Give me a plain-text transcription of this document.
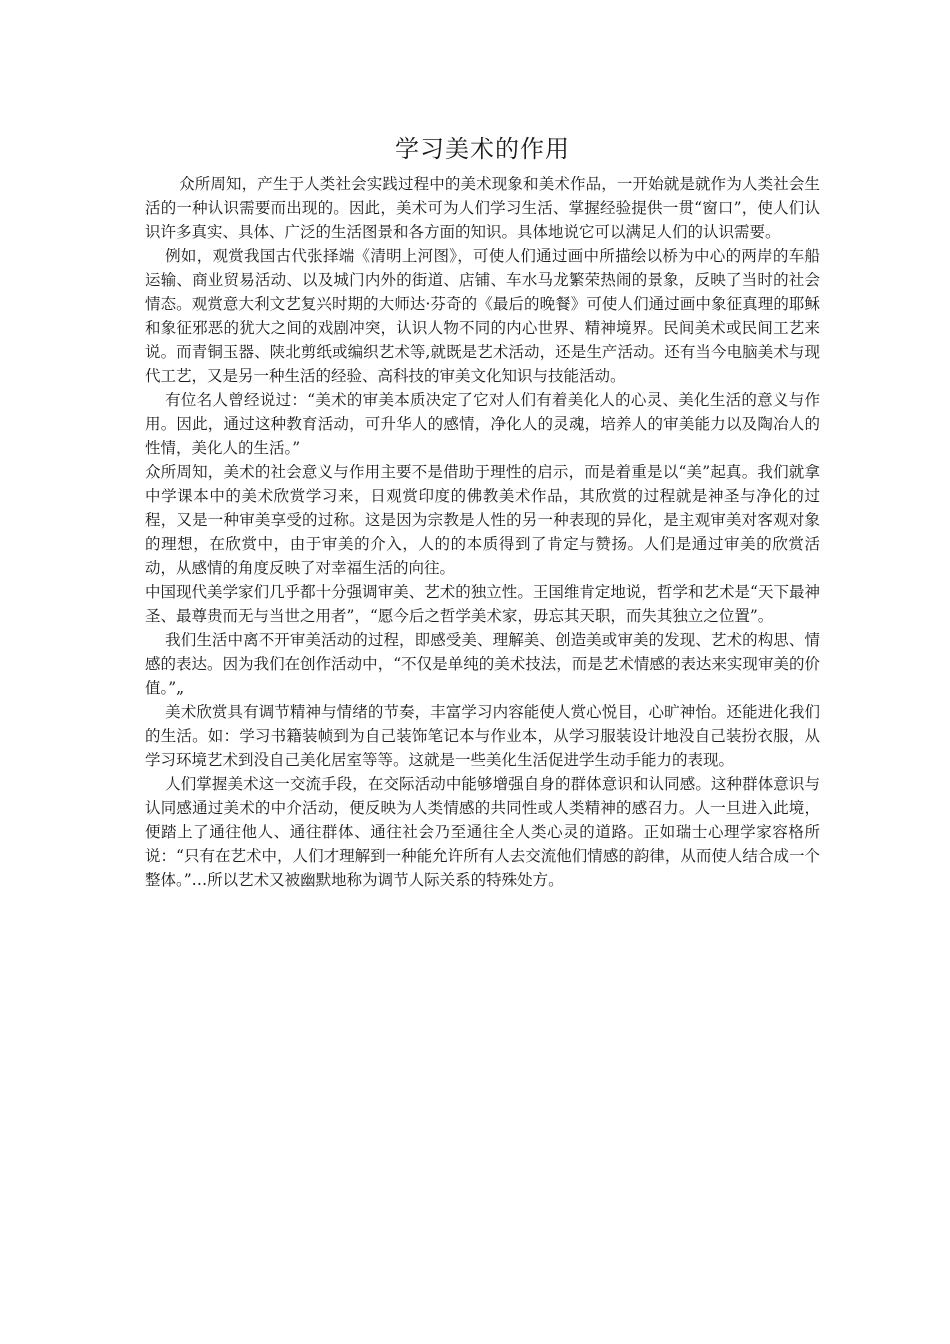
学习美术的作用

众所周知，产生于人类社会实践过程中的美术现象和美术作品，一开始就是就作为人类社会生活的一种认识需要而出现的。因此，美术可为人们学习生活、掌握经验提供一贯“窗口”，使人们认识许多真实、具体、广泛的生活图景和各方面的知识。具体地说它可以满足人们的认识需要。

例如，观赏我国古代张择端《清明上河图》，可使人们通过画中所描绘以桥为中心的两岸的车船运输、商业贸易活动、以及城门内外的街道、店铺、车水马龙繁荣热闹的景象，反映了当时的社会情态。观赏意大利文艺复兴时期的大师达·芬奇的《最后的晚餐》可使人们通过画中象征真理的耶稣和象征邪恶的犹大之间的戏剧冲突，认识人物不同的内心世界、精神境界。民间美术或民间工艺来说。而青铜玉器、陕北剪纸或编织艺术等,就既是艺术活动，还是生产活动。还有当今电脑美术与现代工艺，又是另一种生活的经验、高科技的审美文化知识与技能活动。

有位名人曾经说过：“美术的审美本质决定了它对人们有着美化人的心灵、美化生活的意义与作用。因此，通过这种教育活动，可升华人的感情，净化人的灵魂，培养人的审美能力以及陶冶人的性情，美化人的生活。”

众所周知，美术的社会意义与作用主要不是借助于理性的启示，而是着重是以“美”起真。我们就拿中学课本中的美术欣赏学习来，日观赏印度的佛教美术作品，其欣赏的过程就是神圣与净化的过程，又是一种审美享受的过称。这是因为宗教是人性的另一种表现的异化，是主观审美对客观对象的理想，在欣赏中，由于审美的介入，人的的本质得到了肯定与赞扬。人们是通过审美的欣赏活动，从感情的角度反映了对幸福生活的向往。

中国现代美学家们几乎都十分强调审美、艺术的独立性。王国维肯定地说，哲学和艺术是“天下最神圣、最尊贵而无与当世之用者”，“愿今后之哲学美术家，毋忘其天职，而失其独立之位置”。

我们生活中离不开审美活动的过程，即感受美、理解美、创造美或审美的发现、艺术的构思、情感的表达。因为我们在创作活动中，“不仅是单纯的美术技法，而是艺术情感的表达来实现审美的价值。”„

美术欣赏具有调节精神与情绪的节奏，丰富学习内容能使人赏心悦目，心旷神怡。还能进化我们的生活。如：学习书籍装帧到为自己装饰笔记本与作业本，从学习服装设计地没自己装扮衣服，从学习环境艺术到没自己美化居室等等。这就是一些美化生活促进学生动手能力的表现。

人们掌握美术这一交流手段，在交际活动中能够增强自身的群体意识和认同感。这种群体意识与认同感通过美术的中介活动，便反映为人类情感的共同性或人类精神的感召力。人一旦进入此境，便踏上了通往他人、通往群体、通往社会乃至通往全人类心灵的道路。正如瑞士心理学家容格所说：“只有在艺术中，人们才理解到一种能允许所有人去交流他们情感的韵律，从而使人结合成一个整体。”…所以艺术又被幽默地称为调节人际关系的特殊处方。
